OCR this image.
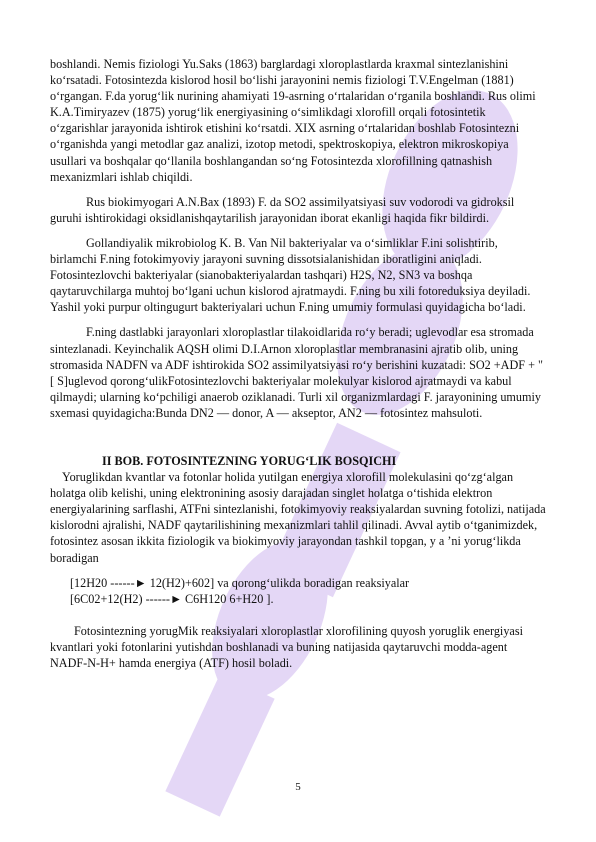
boshlandi. Nemis fiziologi Yu.Saks (1863) barglardagi xloroplastlarda kraxmal sintezlanishini ko‘rsatadi. Fotosintezda kislorod hosil bo‘lishi jarayonini nemis fiziologi T.V.Engelman (1881) o‘rgangan. F.da yorug‘lik nurining ahamiyati 19-asrning o‘rtalaridan o‘rganila boshlandi. Rus olimi K.A.Timiryazev (1875) yorug‘lik energiyasining o‘simlikdagi xlorofill orqali fotosintetik o‘zgarishlar jarayonida ishtirok etishini ko‘rsatdi. XIX asrning o‘rtalaridan boshlab Fotosintezni o‘rganishda yangi metodlar gaz analizi, izotop metodi, spektroskopiya, elektron mikroskopiya usullari va boshqalar qo‘llanila boshlangandan so‘ng Fotosintezda xlorofillning qatnashish mexanizmlari ishlab chiqildi.

Rus biokimyogari A.N.Bax (1893) F. da SO2 assimilyatsiyasi suv vodorodi va gidroksil guruhi ishtirokidagi oksidlanishqaytarilish jarayonidan iborat ekanligi haqida fikr bildirdi.

Gollandiyalik mikrobiolog K. B. Van Nil bakteriyalar va o‘simliklar F.ini solishtirib, birlamchi F.ning fotokimyoviy jarayoni suvning dissotsialanishidan iboratligini aniqladi. Fotosintezlovchi bakteriyalar (sianobakteriyalardan tashqari) H2S, N2, SN3 va boshqa qaytaruvchilarga muhtoj bo‘lgani uchun kislorod ajratmaydi. F.ning bu xili fotoreduksiya deyiladi. Yashil yoki purpur oltingugurt bakteriyalari uchun F.ning umumiy formulasi quyidagicha bo‘ladi.

F.ning dastlabki jarayonlari xloroplastlar tilakoidlarida ro‘y beradi; uglevodlar esa stromada sintezlanadi. Keyinchalik AQSH olimi D.I.Arnon xloroplastlar membranasini ajratib olib, uning stromasida NADFN va ADF ishtirokida SO2 assimilyatsiyasi ro‘y berishini kuzatadi: SO2 +ADF + " [ S]uglevod qorong‘ulikFotosintezlovchi bakteriyalar molekulyar kislorod ajratmaydi va kabul qilmaydi; ularning ko‘pchiligi anaerob oziklanadi. Turli xil organizmlardagi F. jarayonining umumiy sxemasi quyidagicha:Bunda DN2 — donor, A — akseptor, AN2 — fotosintez mahsuloti.

II BOB. FOTOSINTEZNING YORUG‘LIK BOSQICHI

Yoruglikdan kvantlar va fotonlar holida yutilgan energiya xlorofill molekulasini qo‘zg‘algan holatga olib kelishi, uning elektronining asosiy darajadan singlet holatga o‘tishida elektron energiyalarining sarflashi, ATFni sintezlanishi, fotokimyoviy reaksiyalardan suvning fotolizi, natijada kislorodni ajralishi, NADF qaytarilishining mexanizmlari tahlil qilinadi. Avval aytib o‘tganimizdek, fotosintez asosan ikkita fiziologik va biokimyoviy jarayondan tashkil topgan, y a ’ni yorug‘likda boradigan

[12H20 ------► 12(H2)+602] va qorong‘ulikda boradigan reaksiyalar
[6C02+12(H2) ------► C6H120 6+H20 ].

Fotosintezning yorugMik reaksiyalari xloroplastlar xlorofilining quyosh yoruglik energiyasi kvantlari yoki fotonlarini yutishdan boshlanadi va buning natijasida qaytaruvchi modda-agent NADF-N-H+ hamda energiya (ATF) hosil boladi.

5
